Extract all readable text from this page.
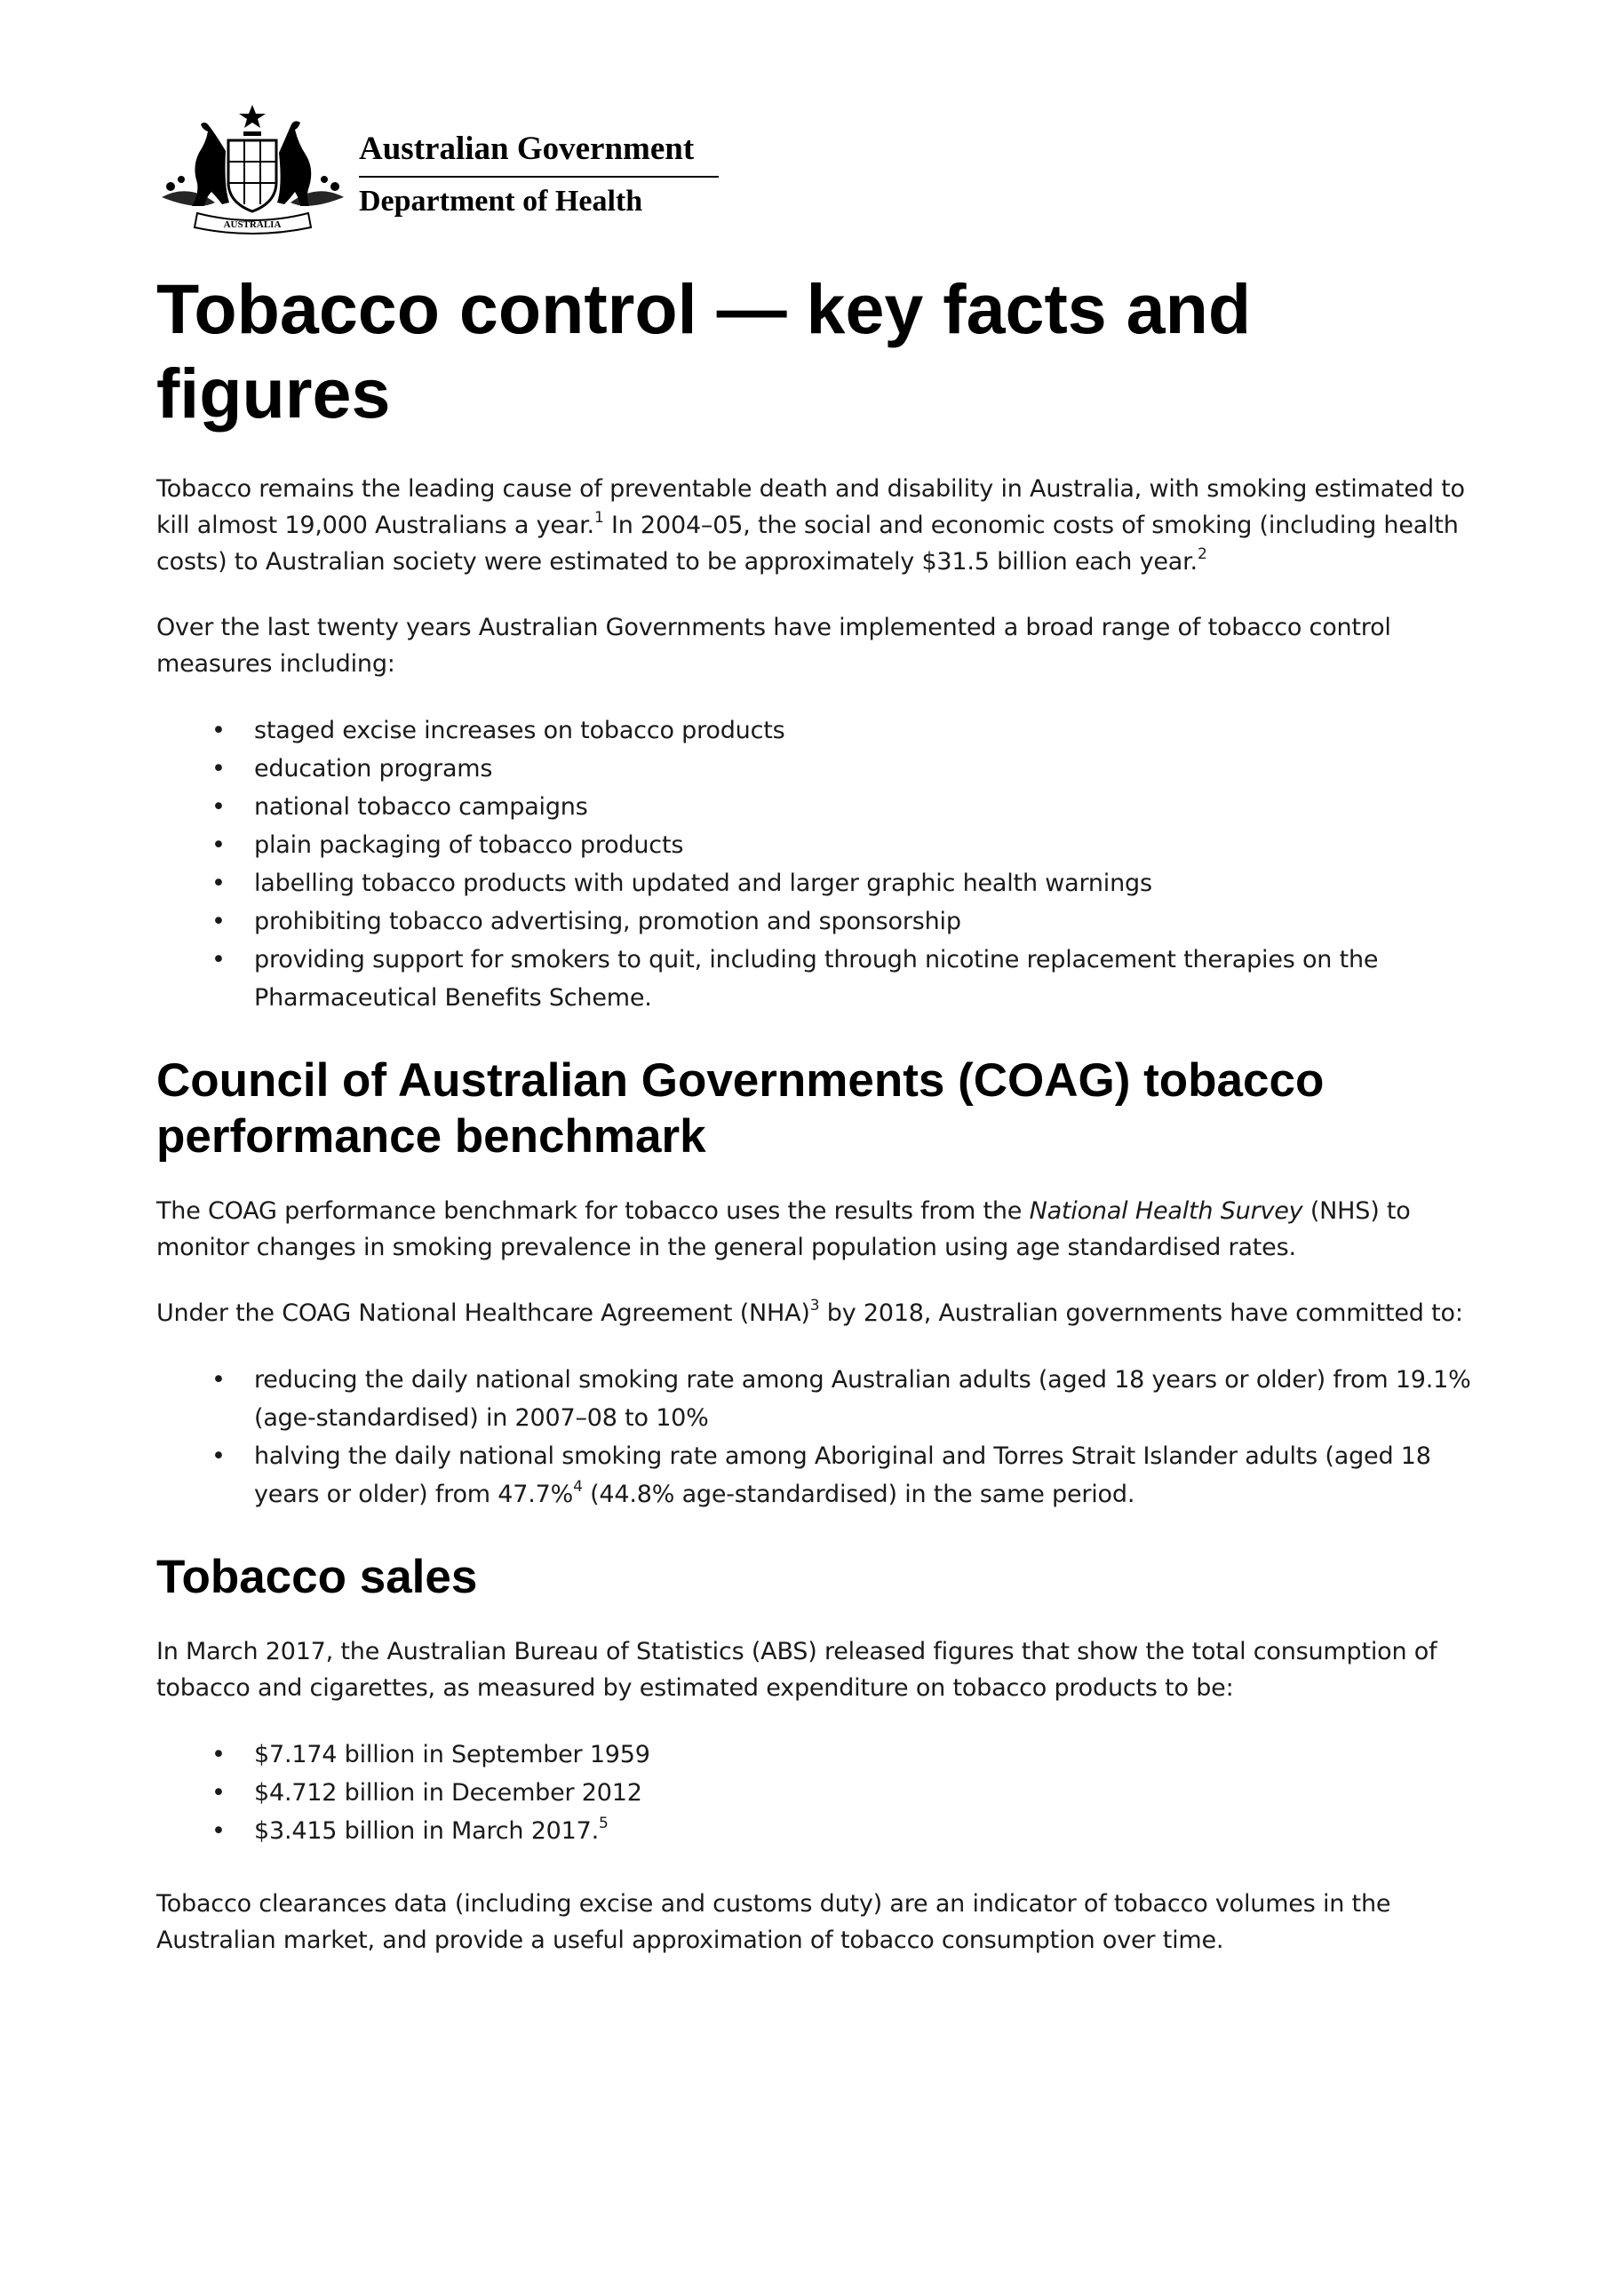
AUSTRALIA
Australian Government
Department of Health
Tobacco control — key facts and figures

Tobacco remains the leading cause of preventable death and disability in Australia, with smoking estimated to kill almost 19,000 Australians a year.$^1$ In 2004–05, the social and economic costs of smoking (including health costs) to Australian society were estimated to be approximately $31.5 billion each year.$^2$

Over the last twenty years Australian Governments have implemented a broad range of tobacco control measures including:

• staged excise increases on tobacco products
• education programs
• national tobacco campaigns
• plain packaging of tobacco products
• labelling tobacco products with updated and larger graphic health warnings
• prohibiting tobacco advertising, promotion and sponsorship
• providing support for smokers to quit, including through nicotine replacement therapies on the Pharmaceutical Benefits Scheme.
Council of Australian Governments (COAG) tobacco performance benchmark

The COAG performance benchmark for tobacco uses the results from the National Health Survey (NHS) to monitor changes in smoking prevalence in the general population using age standardised rates.

Under the COAG National Healthcare Agreement (NHA)$^3$ by 2018, Australian governments have committed to:

• reducing the daily national smoking rate among Australian adults (aged 18 years or older) from 19.1% (age-standardised) in 2007–08 to 10%
• halving the daily national smoking rate among Aboriginal and Torres Strait Islander adults (aged 18 years or older) from 47.7%$^4$ (44.8% age-standardised) in the same period.
Tobacco sales

In March 2017, the Australian Bureau of Statistics (ABS) released figures that show the total consumption of tobacco and cigarettes, as measured by estimated expenditure on tobacco products to be:

• $7.174 billion in September 1959
• $4.712 billion in December 2012
• $3.415 billion in March 2017.$^5$

Tobacco clearances data (including excise and customs duty) are an indicator of tobacco volumes in the Australian market, and provide a useful approximation of tobacco consumption over time.
